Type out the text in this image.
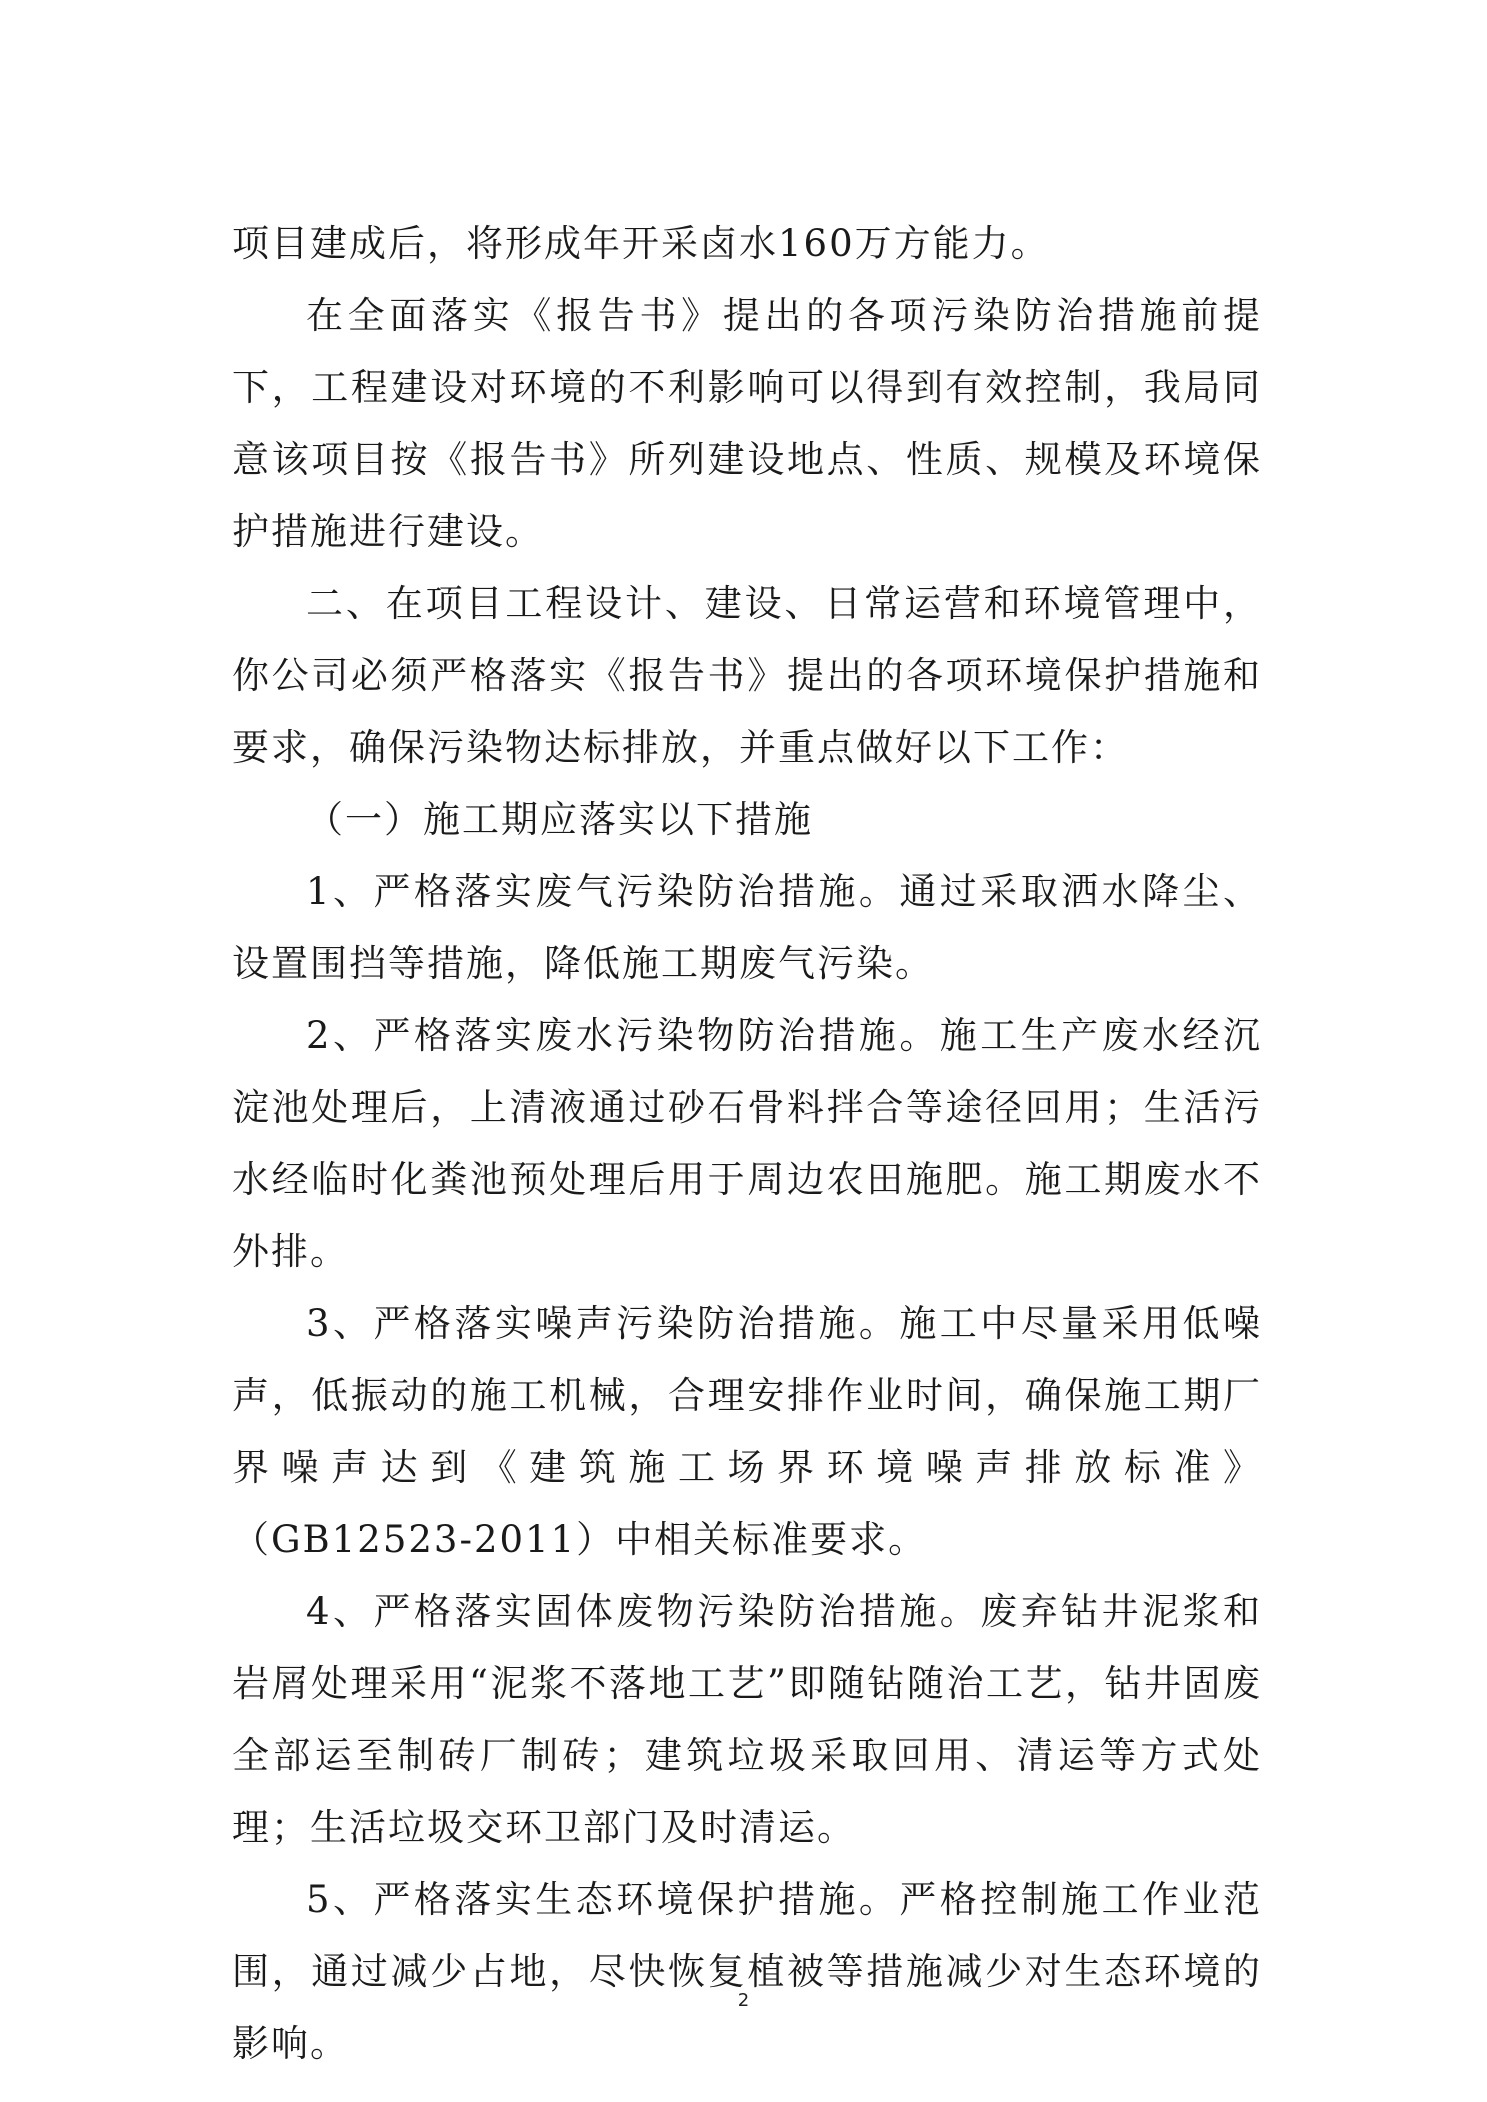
项目建成后，将形成年开采卤水160万方能力。

在全面落实《报告书》提出的各项污染防治措施前提下，工程建设对环境的不利影响可以得到有效控制，我局同意该项目按《报告书》所列建设地点、性质、规模及环境保护措施进行建设。

二、在项目工程设计、建设、日常运营和环境管理中，你公司必须严格落实《报告书》提出的各项环境保护措施和要求，确保污染物达标排放，并重点做好以下工作：

（一）施工期应落实以下措施

1、严格落实废气污染防治措施。通过采取洒水降尘、设置围挡等措施，降低施工期废气污染。

2、严格落实废水污染物防治措施。施工生产废水经沉淀池处理后，上清液通过砂石骨料拌合等途径回用；生活污水经临时化粪池预处理后用于周边农田施肥。施工期废水不外排。

3、严格落实噪声污染防治措施。施工中尽量采用低噪声，低振动的施工机械，合理安排作业时间，确保施工期厂界噪声达到《建筑施工场界环境噪声排放标准》（GB12523-2011）中相关标准要求。

4、严格落实固体废物污染防治措施。废弃钻井泥浆和岩屑处理采用“泥浆不落地工艺”即随钻随治工艺，钻井固废全部运至制砖厂制砖；建筑垃圾采取回用、清运等方式处理；生活垃圾交环卫部门及时清运。

5、严格落实生态环境保护措施。严格控制施工作业范围，通过减少占地，尽快恢复植被等措施减少对生态环境的影响。

2
